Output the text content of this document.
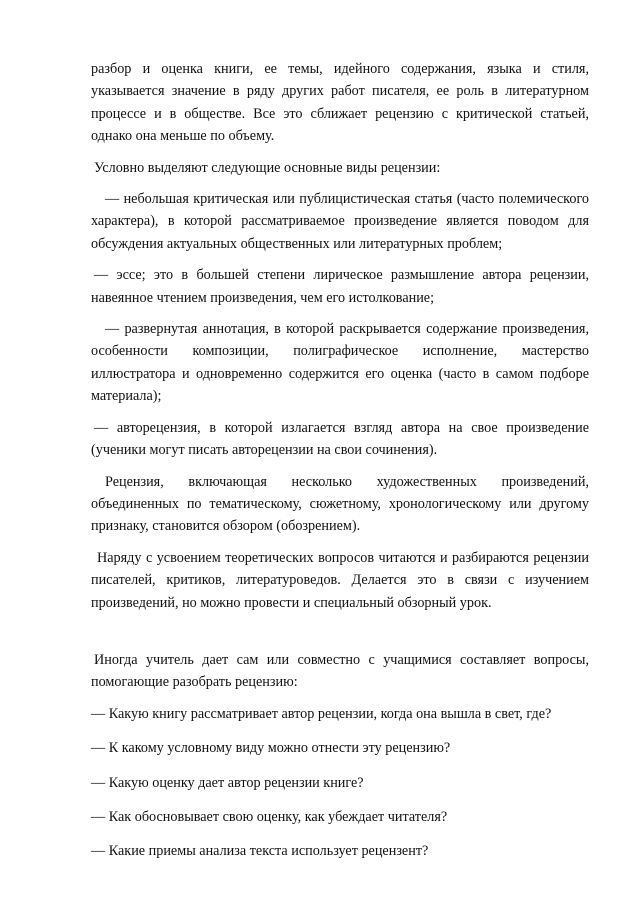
разбор и оценка книги, ее темы, идейного содержания, языка и стиля, указывается значение в ряду других работ писателя, ее роль в литературном процессе и в обществе. Все это сближает рецензию с критической статьей, однако она меньше по объему.

Условно выделяют следующие основные виды рецензии:

— небольшая критическая или публицистическая статья (часто полемического характера), в которой рассматриваемое произведение является поводом для обсуждения актуальных общественных или литературных проблем;

— эссе; это в большей степени лирическое размышление автора рецензии, навеянное чтением произведения, чем его истолкование;

— развернутая аннотация, в которой раскрывается содержание произведения, особенности композиции, полиграфическое исполнение, мастерство иллюстратора и одновременно содержится его оценка (часто в самом подборе материала);

— авторецензия, в которой излагается взгляд автора на свое произведение (ученики могут писать авторецензии на свои сочинения).

Рецензия, включающая несколько художественных произведений, объединенных по тематическому, сюжетному, хронологическому или другому признаку, становится обзором (обозрением).

Наряду с усвоением теоретических вопросов читаются и разбираются рецензии писателей, критиков, литературоведов. Делается это в связи с изучением произведений, но можно провести и специальный обзорный урок.

Иногда учитель дает сам или совместно с учащимися составляет вопросы, помогающие разобрать рецензию:

— Какую книгу рассматривает автор рецензии, когда она вышла в свет, где?

— К какому условному виду можно отнести эту рецензию?

— Какую оценку дает автор рецензии книге?

— Как обосновывает свою оценку, как убеждает читателя?

— Какие приемы анализа текста использует рецензент?
